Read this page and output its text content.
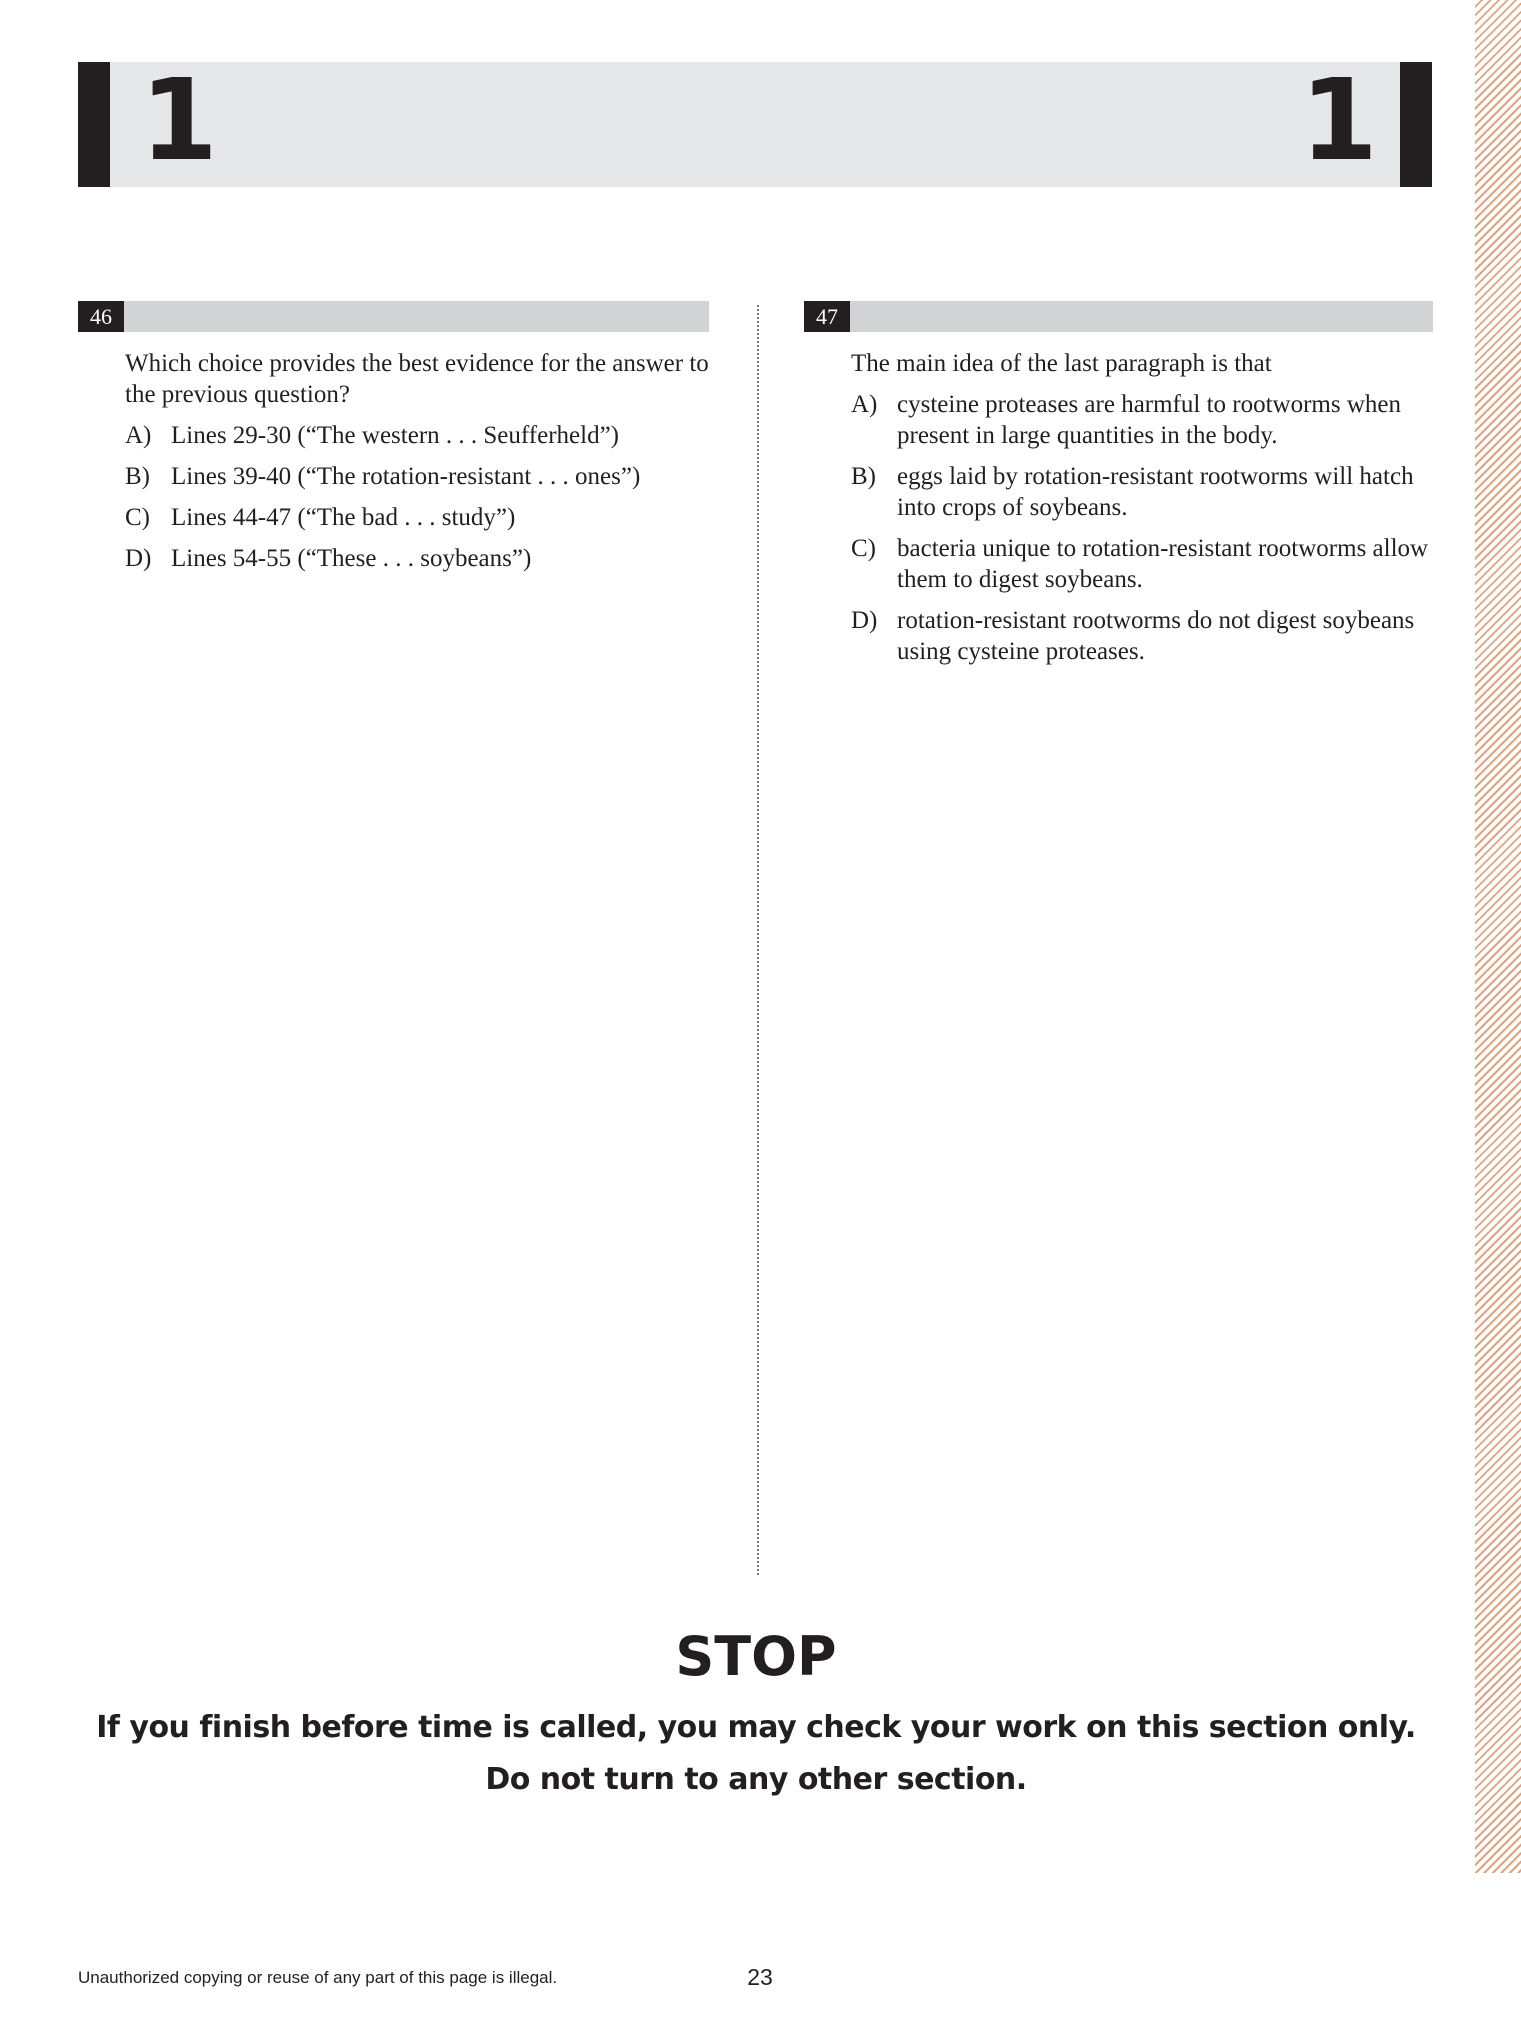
1	1
46
Which choice provides the best evidence for the answer to the previous question?
A) Lines 29-30 (“The western . . . Seufferheld”)
B) Lines 39-40 (“The rotation-resistant . . . ones”)
C) Lines 44-47 (“The bad . . . study”)
D) Lines 54-55 (“These . . . soybeans”)
47
The main idea of the last paragraph is that
A) cysteine proteases are harmful to rootworms when present in large quantities in the body.
B) eggs laid by rotation-resistant rootworms will hatch into crops of soybeans.
C) bacteria unique to rotation-resistant rootworms allow them to digest soybeans.
D) rotation-resistant rootworms do not digest soybeans using cysteine proteases.
STOP
If you finish before time is called, you may check your work on this section only.
Do not turn to any other section.
Unauthorized copying or reuse of any part of this page is illegal.	23
